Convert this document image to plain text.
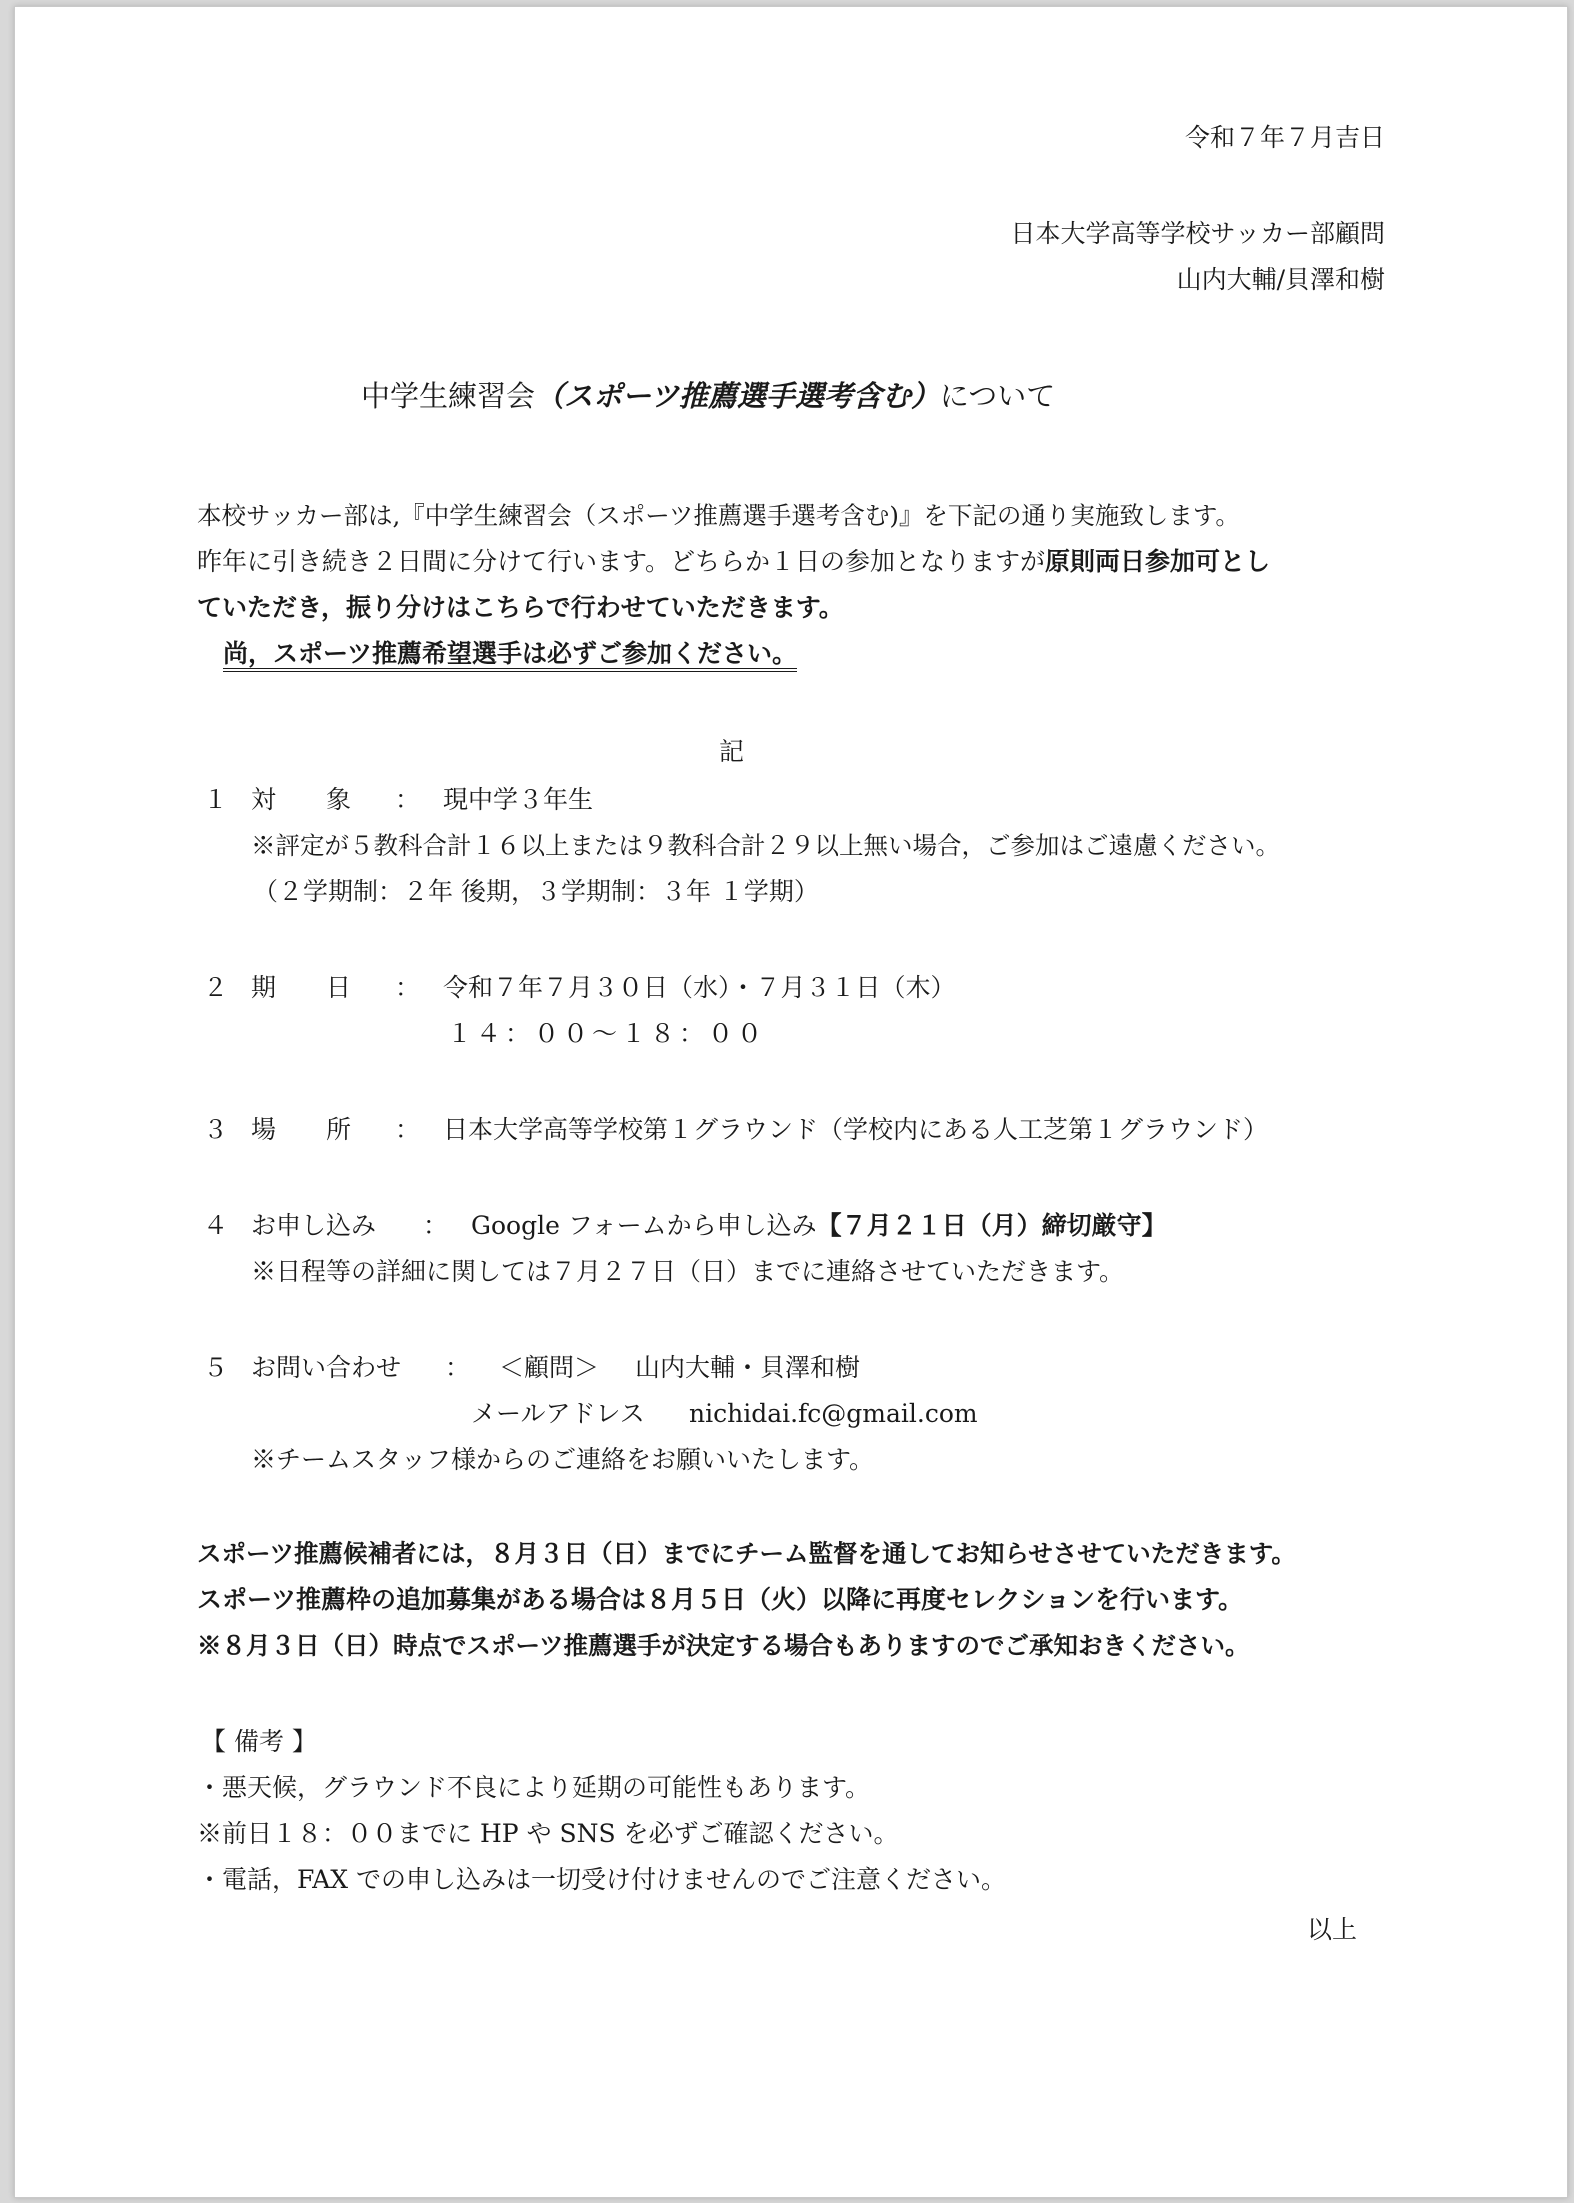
令和７年７月吉日
日本大学高等学校サッカー部顧問
山内大輔/貝澤和樹
中学生練習会（スポーツ推薦選手選考含む）について
本校サッカー部は,『中学生練習会（スポーツ推薦選手選考含む)』を下記の通り実施致します。
昨年に引き続き２日間に分けて行います。どちらか１日の参加となりますが原則両日参加可とし
ていただき，振り分けはこちらで行わせていただきます。
尚，スポーツ推薦希望選手は必ずご参加ください。
記
１ 対　　象 ： 現中学３年生
※評定が５教科合計１６以上または９教科合計２９以上無い場合，ご参加はご遠慮ください。
（２学期制：２年 後期，３学期制：３年 １学期）
２ 期　　日 ： 令和７年７月３０日（水）・７月３１日（木）
１４：００～１８：００
３ 場　　所 ： 日本大学高等学校第１グラウンド（学校内にある人工芝第１グラウンド）
４ お申し込み ： Google フォームから申し込み【７月２１日（月）締切厳守】
※日程等の詳細に関しては７月２７日（日）までに連絡させていただきます。
５ お問い合わせ ： ＜顧問＞ 山内大輔・貝澤和樹
メールアドレス nichidai.fc@gmail.com
※チームスタッフ様からのご連絡をお願いいたします。
スポーツ推薦候補者には，８月３日（日）までにチーム監督を通してお知らせさせていただきます。
スポーツ推薦枠の追加募集がある場合は８月５日（火）以降に再度セレクションを行います。
※８月３日（日）時点でスポーツ推薦選手が決定する場合もありますのでご承知おきください。
【 備考 】
・悪天候，グラウンド不良により延期の可能性もあります。
※前日１８：００までに HP や SNS を必ずご確認ください。
・電話，FAX での申し込みは一切受け付けませんのでご注意ください。
以上
